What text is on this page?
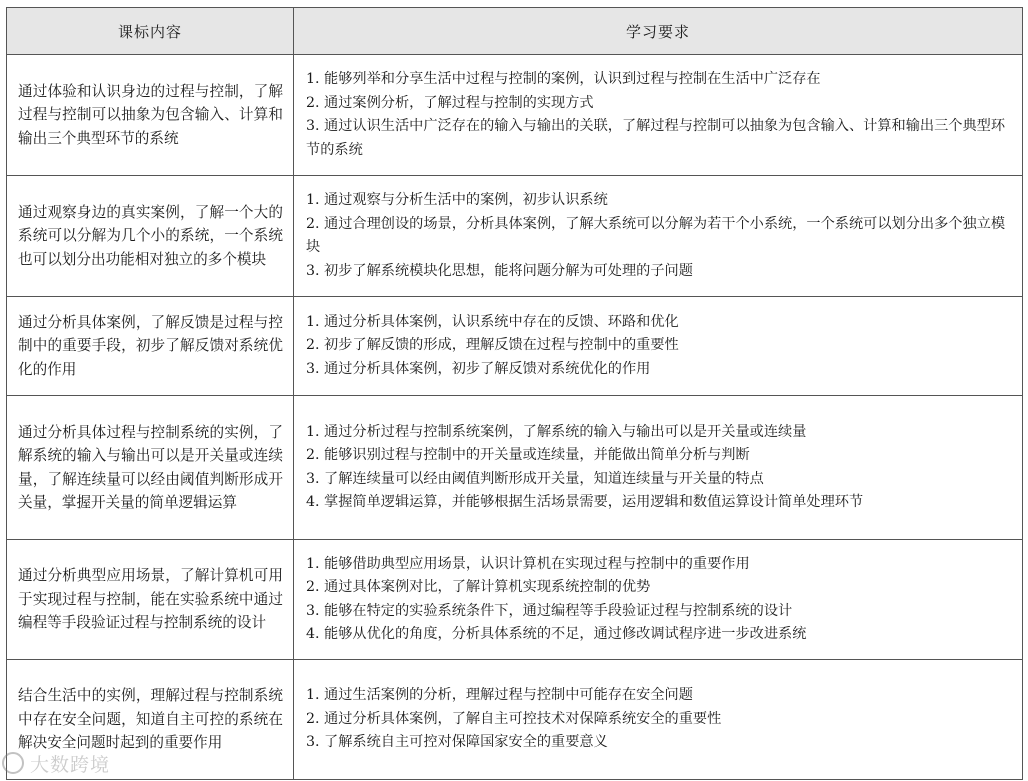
课标内容	学习要求
通过体验和认识身边的过程与控制，了解过程与控制可以抽象为包含输入、计算和输出三个典型环节的系统	1. 能够列举和分享生活中过程与控制的案例，认识到过程与控制在生活中广泛存在
2. 通过案例分析，了解过程与控制的实现方式
3. 通过认识生活中广泛存在的输入与输出的关联，了解过程与控制可以抽象为包含输入、计算和输出三个典型环节的系统

通过观察身边的真实案例，了解一个大的系统可以分解为几个小的系统，一个系统也可以划分出功能相对独立的多个模块	1. 通过观察与分析生活中的案例，初步认识系统
2. 通过合理创设的场景，分析具体案例，了解大系统可以分解为若干个小系统，一个系统可以划分出多个独立模块
3. 初步了解系统模块化思想，能将问题分解为可处理的子问题

通过分析具体案例，了解反馈是过程与控制中的重要手段，初步了解反馈对系统优化的作用	1. 通过分析具体案例，认识系统中存在的反馈、环路和优化
2. 初步了解反馈的形成，理解反馈在过程与控制中的重要性
3. 通过分析具体案例，初步了解反馈对系统优化的作用

通过分析具体过程与控制系统的实例，了解系统的输入与输出可以是开关量或连续量，了解连续量可以经由阈值判断形成开关量，掌握开关量的简单逻辑运算	1. 通过分析过程与控制系统案例，了解系统的输入与输出可以是开关量或连续量
2. 能够识别过程与控制中的开关量或连续量，并能做出简单分析与判断
3. 了解连续量可以经由阈值判断形成开关量，知道连续量与开关量的特点
4. 掌握简单逻辑运算，并能够根据生活场景需要，运用逻辑和数值运算设计简单处理环节

通过分析典型应用场景，了解计算机可用于实现过程与控制，能在实验系统中通过编程等手段验证过程与控制系统的设计	1. 能够借助典型应用场景，认识计算机在实现过程与控制中的重要作用
2. 通过具体案例对比，了解计算机实现系统控制的优势
3. 能够在特定的实验系统条件下，通过编程等手段验证过程与控制系统的设计
4. 能够从优化的角度，分析具体系统的不足，通过修改调试程序进一步改进系统

结合生活中的实例，理解过程与控制系统中存在安全问题，知道自主可控的系统在解决安全问题时起到的重要作用	1. 通过生活案例的分析，理解过程与控制中可能存在安全问题
2. 通过分析具体案例，了解自主可控技术对保障系统安全的重要性
3. 了解系统自主可控对保障国家安全的重要意义
大数跨境
